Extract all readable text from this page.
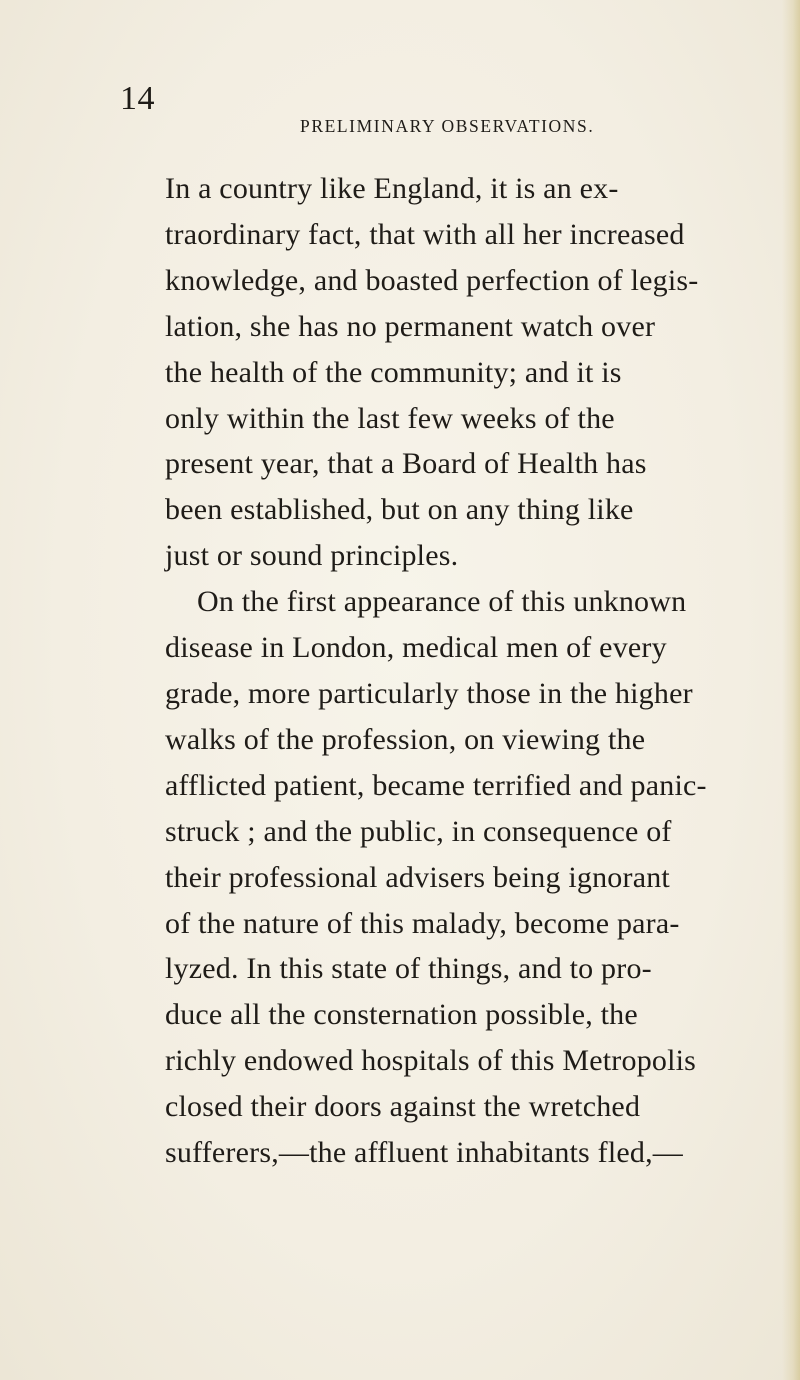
14
PRELIMINARY OBSERVATIONS.
In a country like England, it is an ex-
traordinary fact, that with all her increased
knowledge, and boasted perfection of legis-
lation, she has no permanent watch over
the health of the community; and it is
only within the last few weeks of the
present year, that a Board of Health has
been established, but on any thing like
just or sound principles.
On the first appearance of this unknown
disease in London, medical men of every
grade, more particularly those in the higher
walks of the profession, on viewing the
afflicted patient, became terrified and panic-
struck ; and the public, in consequence of
their professional advisers being ignorant
of the nature of this malady, become para-
lyzed. In this state of things, and to pro-
duce all the consternation possible, the
richly endowed hospitals of this Metropolis
closed their doors against the wretched
sufferers,—the affluent inhabitants fled,—
